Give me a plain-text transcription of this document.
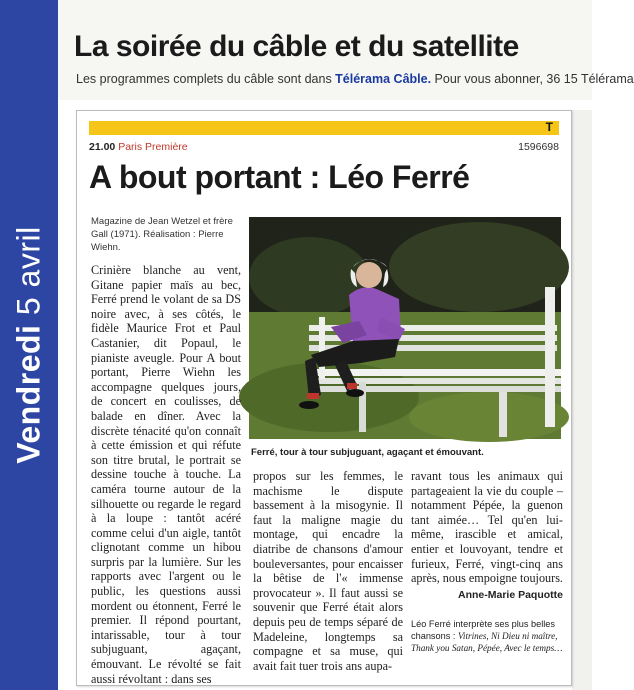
Vendredi 5 avril
La soirée du câble et du satellite
Les programmes complets du câble sont dans Télérama Câble. Pour vous abonner, 36 15 Télérama
T
21.00 Paris Première	1596698
A bout portant : Léo Ferré
Magazine de Jean Wetzel et frère Gall (1971). Réalisation : Pierre Wiehn.
Ferré, tour à tour subjuguant, agaçant et émouvant.
Crinière blanche au vent, Gitane papier maïs au bec, Ferré prend le volant de sa DS noire avec, à ses côtés, le fidèle Maurice Frot et Paul Castanier, dit Popaul, le pianiste aveugle. Pour A bout portant, Pierre Wiehn les accompagne quelques jours, de concert en coulisses, de balade en dîner. Avec la discrète ténacité qu'on connaît à cette émission et qui réfute son titre brutal, le portrait se dessine touche à touche. La caméra tourne autour de la silhouette ou regarde le regard à la loupe : tantôt acéré comme celui d'un aigle, tantôt clignotant comme un hibou surpris par la lumière. Sur les rapports avec l'argent ou le public, les questions aussi mordent ou étonnent, Ferré le premier. Il répond pourtant, intarissable, tour à tour subjuguant, agaçant, émouvant. Le révolté se fait aussi révoltant : dans ses
propos sur les femmes, le machisme le dispute bassement à la misogynie. Il faut la maligne magie du montage, qui encadre la diatribe de chansons d'amour bouleversantes, pour encaisser la bêtise de l'« immense provocateur ». Il faut aussi se souvenir que Ferré était alors depuis peu de temps séparé de Madeleine, longtemps sa compagne et sa muse, qui avait fait tuer trois ans aupa-
ravant tous les animaux qui partageaient la vie du couple – notamment Pépée, la guenon tant aimée… Tel qu'en lui-même, irascible et amical, entier et louvoyant, tendre et furieux, Ferré, vingt-cinq ans après, nous empoigne toujours.
Anne-Marie Paquotte
Léo Ferré interprète ses plus belles chansons : Vitrines, Ni Dieu ni maître, Thank you Satan, Pépée, Avec le temps…
